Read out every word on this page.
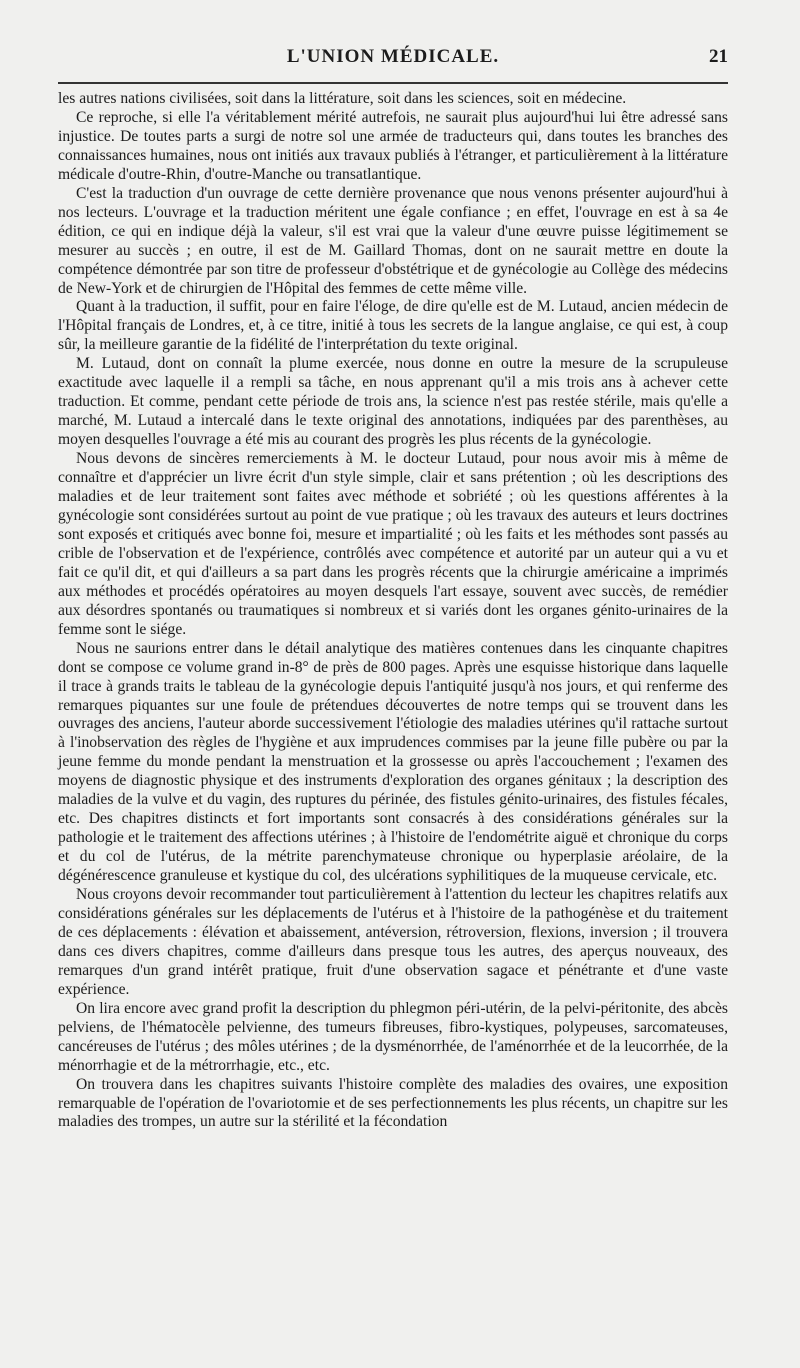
L'UNION MÉDICALE.	21

les autres nations civilisées, soit dans la littérature, soit dans les sciences, soit en médecine.

Ce reproche, si elle l'a véritablement mérité autrefois, ne saurait plus aujourd'hui lui être adressé sans injustice. De toutes parts a surgi de notre sol une armée de traducteurs qui, dans toutes les branches des connaissances humaines, nous ont initiés aux travaux publiés à l'étranger, et particulièrement à la littérature médicale d'outre-Rhin, d'outre-Manche ou transatlantique.

C'est la traduction d'un ouvrage de cette dernière provenance que nous venons présenter aujourd'hui à nos lecteurs. L'ouvrage et la traduction méritent une égale confiance ; en effet, l'ouvrage en est à sa 4e édition, ce qui en indique déjà la valeur, s'il est vrai que la valeur d'une œuvre puisse légitimement se mesurer au succès ; en outre, il est de M. Gaillard Thomas, dont on ne saurait mettre en doute la compétence démontrée par son titre de professeur d'obstétrique et de gynécologie au Collège des médecins de New-York et de chirurgien de l'Hôpital des femmes de cette même ville.

Quant à la traduction, il suffit, pour en faire l'éloge, de dire qu'elle est de M. Lutaud, ancien médecin de l'Hôpital français de Londres, et, à ce titre, initié à tous les secrets de la langue anglaise, ce qui est, à coup sûr, la meilleure garantie de la fidélité de l'interprétation du texte original.

M. Lutaud, dont on connaît la plume exercée, nous donne en outre la mesure de la scrupuleuse exactitude avec laquelle il a rempli sa tâche, en nous apprenant qu'il a mis trois ans à achever cette traduction. Et comme, pendant cette période de trois ans, la science n'est pas restée stérile, mais qu'elle a marché, M. Lutaud a intercalé dans le texte original des annotations, indiquées par des parenthèses, au moyen desquelles l'ouvrage a été mis au courant des progrès les plus récents de la gynécologie.

Nous devons de sincères remerciements à M. le docteur Lutaud, pour nous avoir mis à même de connaître et d'apprécier un livre écrit d'un style simple, clair et sans prétention ; où les descriptions des maladies et de leur traitement sont faites avec méthode et sobriété ; où les questions afférentes à la gynécologie sont considérées surtout au point de vue pratique ; où les travaux des auteurs et leurs doctrines sont exposés et critiqués avec bonne foi, mesure et impartialité ; où les faits et les méthodes sont passés au crible de l'observation et de l'expérience, contrôlés avec compétence et autorité par un auteur qui a vu et fait ce qu'il dit, et qui d'ailleurs a sa part dans les progrès récents que la chirurgie américaine a imprimés aux méthodes et procédés opératoires au moyen desquels l'art essaye, souvent avec succès, de remédier aux désordres spontanés ou traumatiques si nombreux et si variés dont les organes génito-urinaires de la femme sont le siége.

Nous ne saurions entrer dans le détail analytique des matières contenues dans les cinquante chapitres dont se compose ce volume grand in-8° de près de 800 pages. Après une esquisse historique dans laquelle il trace à grands traits le tableau de la gynécologie depuis l'antiquité jusqu'à nos jours, et qui renferme des remarques piquantes sur une foule de prétendues découvertes de notre temps qui se trouvent dans les ouvrages des anciens, l'auteur aborde successivement l'étiologie des maladies utérines qu'il rattache surtout à l'inobservation des règles de l'hygiène et aux imprudences commises par la jeune fille pubère ou par la jeune femme du monde pendant la menstruation et la grossesse ou après l'accouchement ; l'examen des moyens de diagnostic physique et des instruments d'exploration des organes génitaux ; la description des maladies de la vulve et du vagin, des ruptures du périnée, des fistules génito-urinaires, des fistules fécales, etc. Des chapitres distincts et fort importants sont consacrés à des considérations générales sur la pathologie et le traitement des affections utérines ; à l'histoire de l'endométrite aiguë et chronique du corps et du col de l'utérus, de la métrite parenchymateuse chronique ou hyperplasie aréolaire, de la dégénérescence granuleuse et kystique du col, des ulcérations syphilitiques de la muqueuse cervicale, etc.

Nous croyons devoir recommander tout particulièrement à l'attention du lecteur les chapitres relatifs aux considérations générales sur les déplacements de l'utérus et à l'histoire de la pathogénèse et du traitement de ces déplacements : élévation et abaissement, antéversion, rétroversion, flexions, inversion ; il trouvera dans ces divers chapitres, comme d'ailleurs dans presque tous les autres, des aperçus nouveaux, des remarques d'un grand intérêt pratique, fruit d'une observation sagace et pénétrante et d'une vaste expérience.

On lira encore avec grand profit la description du phlegmon péri-utérin, de la pelvi-péritonite, des abcès pelviens, de l'hématocèle pelvienne, des tumeurs fibreuses, fibro-kystiques, polypeuses, sarcomateuses, cancéreuses de l'utérus ; des môles utérines ; de la dysménorrhée, de l'aménorrhée et de la leucorrhée, de la ménorrhagie et de la métrorrhagie, etc., etc.

On trouvera dans les chapitres suivants l'histoire complète des maladies des ovaires, une exposition remarquable de l'opération de l'ovariotomie et de ses perfectionnements les plus récents, un chapitre sur les maladies des trompes, un autre sur la stérilité et la fécondation
